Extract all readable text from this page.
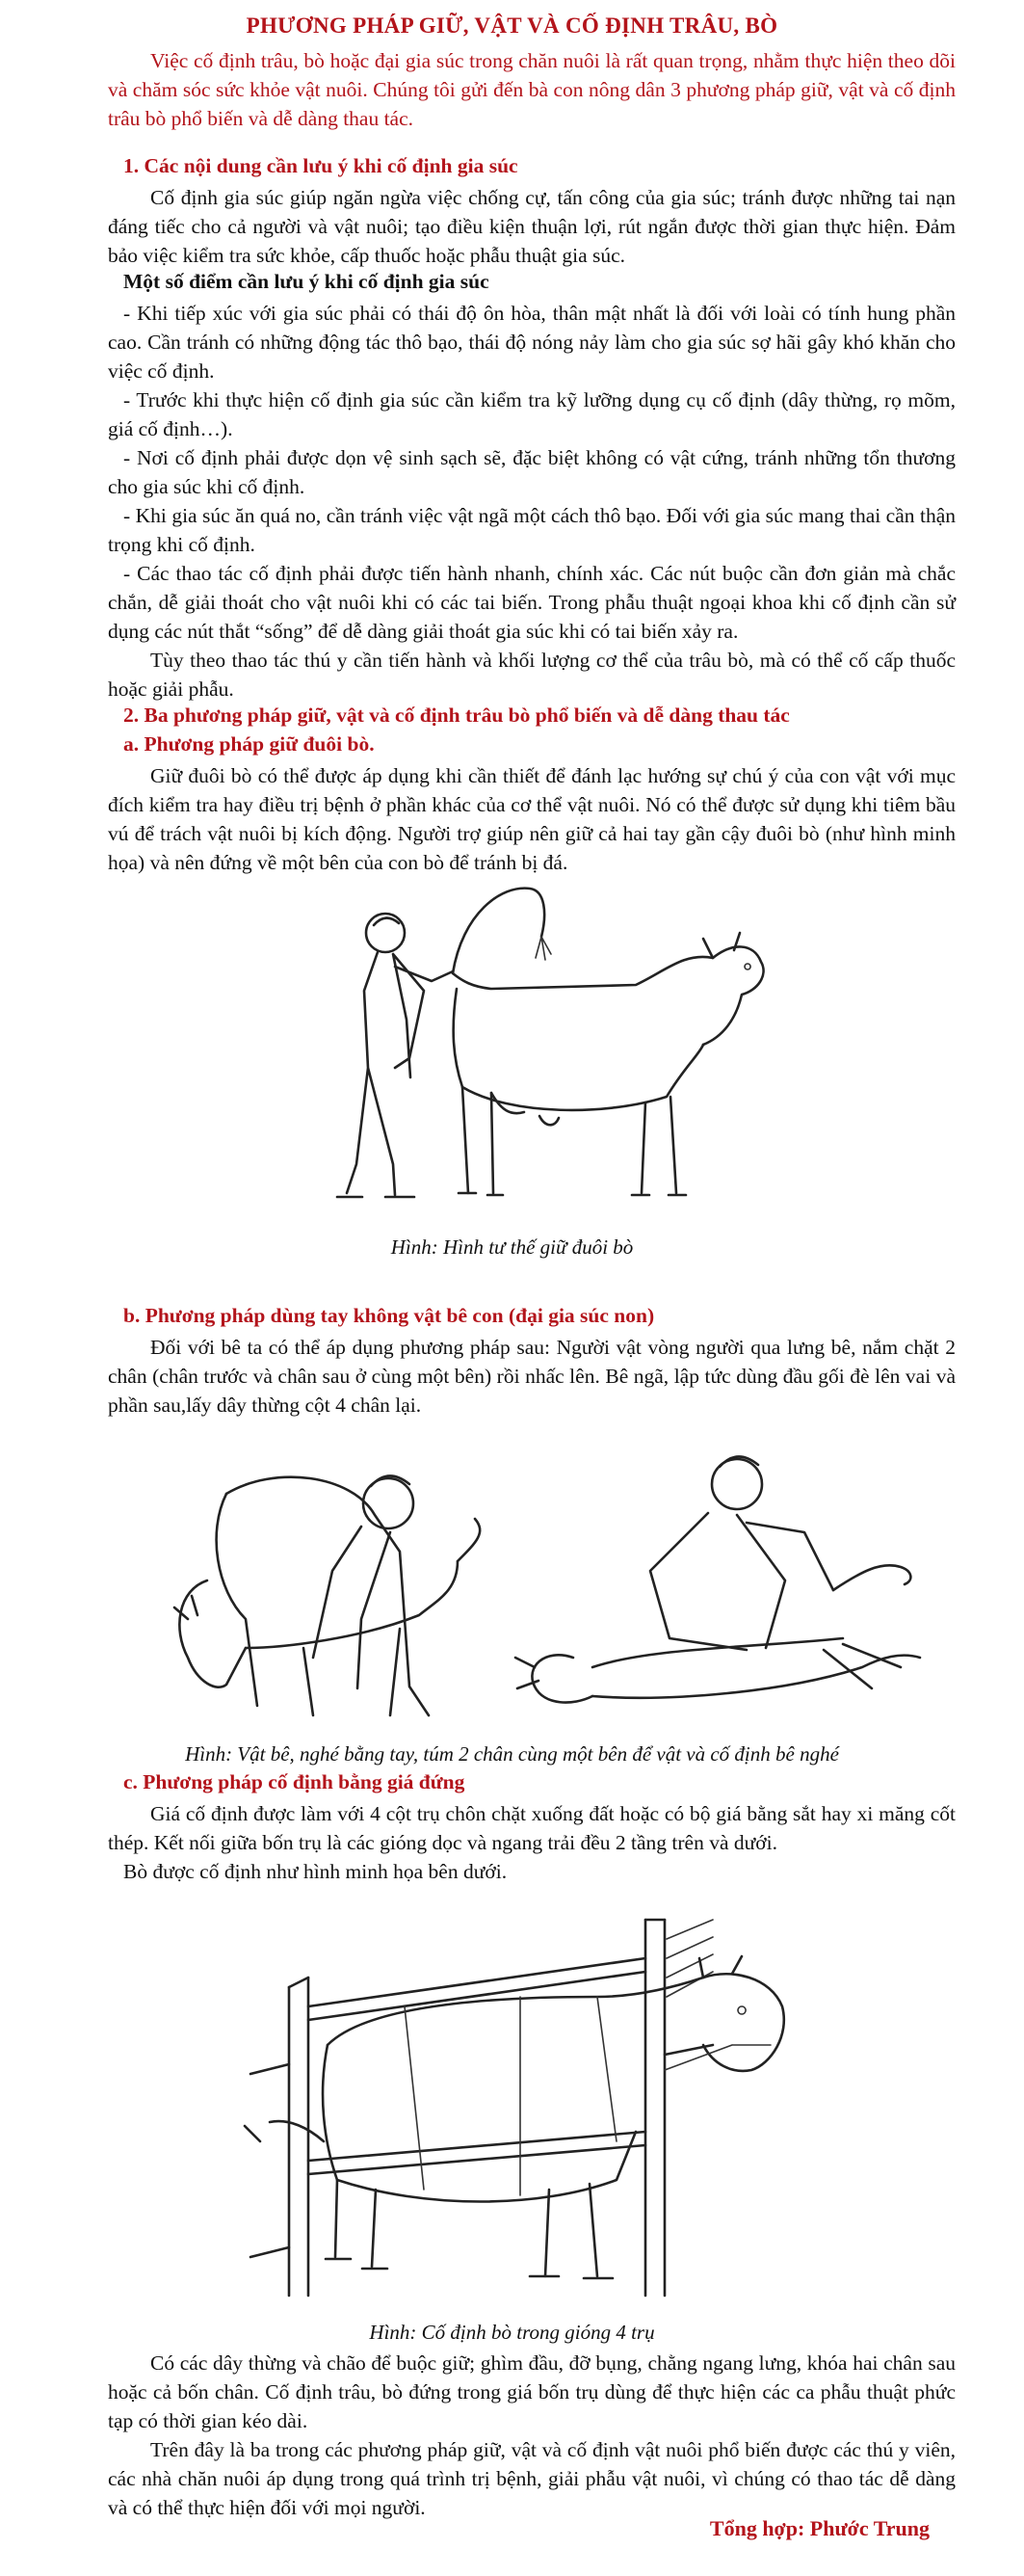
PHƯƠNG PHÁP GIỮ, VẬT VÀ CỐ ĐỊNH TRÂU, BÒ

Việc cố định trâu, bò hoặc đại gia súc trong chăn nuôi là rất quan trọng, nhằm thực hiện theo dõi và chăm sóc sức khỏe vật nuôi. Chúng tôi gửi đến bà con nông dân 3 phương pháp giữ, vật và cố định trâu bò phổ biến và dễ dàng thau tác.

1. Các nội dung cần lưu ý khi cố định gia súc

Cố định gia súc giúp ngăn ngừa việc chống cự, tấn công của gia súc; tránh được những tai nạn đáng tiếc cho cả người và vật nuôi; tạo điều kiện thuận lợi, rút ngắn được thời gian thực hiện. Đảm bảo việc kiểm tra sức khỏe, cấp thuốc hoặc phẫu thuật gia súc.

Một số điểm cần lưu ý khi cố định gia súc

- Khi tiếp xúc với gia súc phải có thái độ ôn hòa, thân mật nhất là đối với loài có tính hung phần cao. Cần tránh có những động tác thô bạo, thái độ nóng nảy làm cho gia súc sợ hãi gây khó khăn cho việc cố định.

- Trước khi thực hiện cố định gia súc cần kiểm tra kỹ lưỡng dụng cụ cố định (dây thừng, rọ mõm, giá cố định…).

- Nơi cố định phải được dọn vệ sinh sạch sẽ, đặc biệt không có vật cứng, tránh những tổn thương cho gia súc khi cố định.

- Khi gia súc ăn quá no, cần tránh việc vật ngã một cách thô bạo. Đối với gia súc mang thai cần thận trọng khi cố định.

- Các thao tác cố định phải được tiến hành nhanh, chính xác. Các nút buộc cần đơn giản mà chắc chắn, dễ giải thoát cho vật nuôi khi có các tai biến. Trong phẫu thuật ngoại khoa khi cố định cần sử dụng các nút thắt “sống” để dễ dàng giải thoát gia súc khi có tai biến xảy ra.

Tùy theo thao tác thú y cần tiến hành và khối lượng cơ thể của trâu bò, mà có thể cố cấp thuốc hoặc giải phẫu.

2. Ba phương pháp giữ, vật và cố định trâu bò phổ biến và dễ dàng thau tác
a. Phương pháp giữ đuôi bò.

Giữ đuôi bò có thể được áp dụng khi cần thiết để đánh lạc hướng sự chú ý của con vật với mục đích kiểm tra hay điều trị bệnh ở phần khác của cơ thể vật nuôi. Nó có thể được sử dụng khi tiêm bầu vú để trách vật nuôi bị kích động. Người trợ giúp nên giữ cả hai tay gần cậy đuôi bò (như hình minh họa) và nên đứng về một bên của con bò để tránh bị đá.

Hình: Hình tư thế giữ đuôi bò
b. Phương pháp dùng tay không vật bê con (đại gia súc non)

Đối với bê ta có thể áp dụng phương pháp sau: Người vật vòng người qua lưng bê, nắm chặt 2 chân (chân trước và chân sau ở cùng một bên) rồi nhấc lên. Bê ngã, lập tức dùng đầu gối đè lên vai và phần sau,lấy dây thừng cột 4 chân lại.

Hình: Vật bê, nghé bằng tay, túm 2 chân cùng một bên để vật và cố định bê nghé
c. Phương pháp cố định bằng giá đứng

Giá cố định được làm với 4 cột trụ chôn chặt xuống đất hoặc có bộ giá bằng sắt hay xi măng cốt thép. Kết nối giữa bốn trụ là các gióng dọc và ngang trải đều 2 tầng trên và dưới.

Bò được cố định như hình minh họa bên dưới.

Hình: Cố định bò trong gióng 4 trụ

Có các dây thừng và chão để buộc giữ; ghìm đầu, đỡ bụng, chằng ngang lưng, khóa hai chân sau hoặc cả bốn chân. Cố định trâu, bò đứng trong giá bốn trụ dùng để thực hiện các ca phẫu thuật phức tạp có thời gian kéo dài.

Trên đây là ba trong các phương pháp giữ, vật và cố định vật nuôi phổ biến được các thú y viên, các nhà chăn nuôi áp dụng trong quá trình trị bệnh, giải phẫu vật nuôi, vì chúng có thao tác dễ dàng và có thể thực hiện đối với mọi người.

Tổng hợp: Phước Trung
